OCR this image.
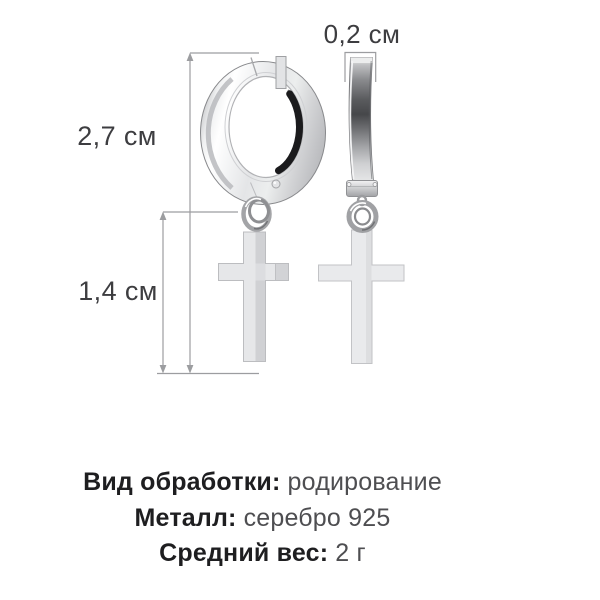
0,2 см
2,7 см
1,4 см

Вид обработки: родирование

Металл: серебро 925

Средний вес: 2 г
